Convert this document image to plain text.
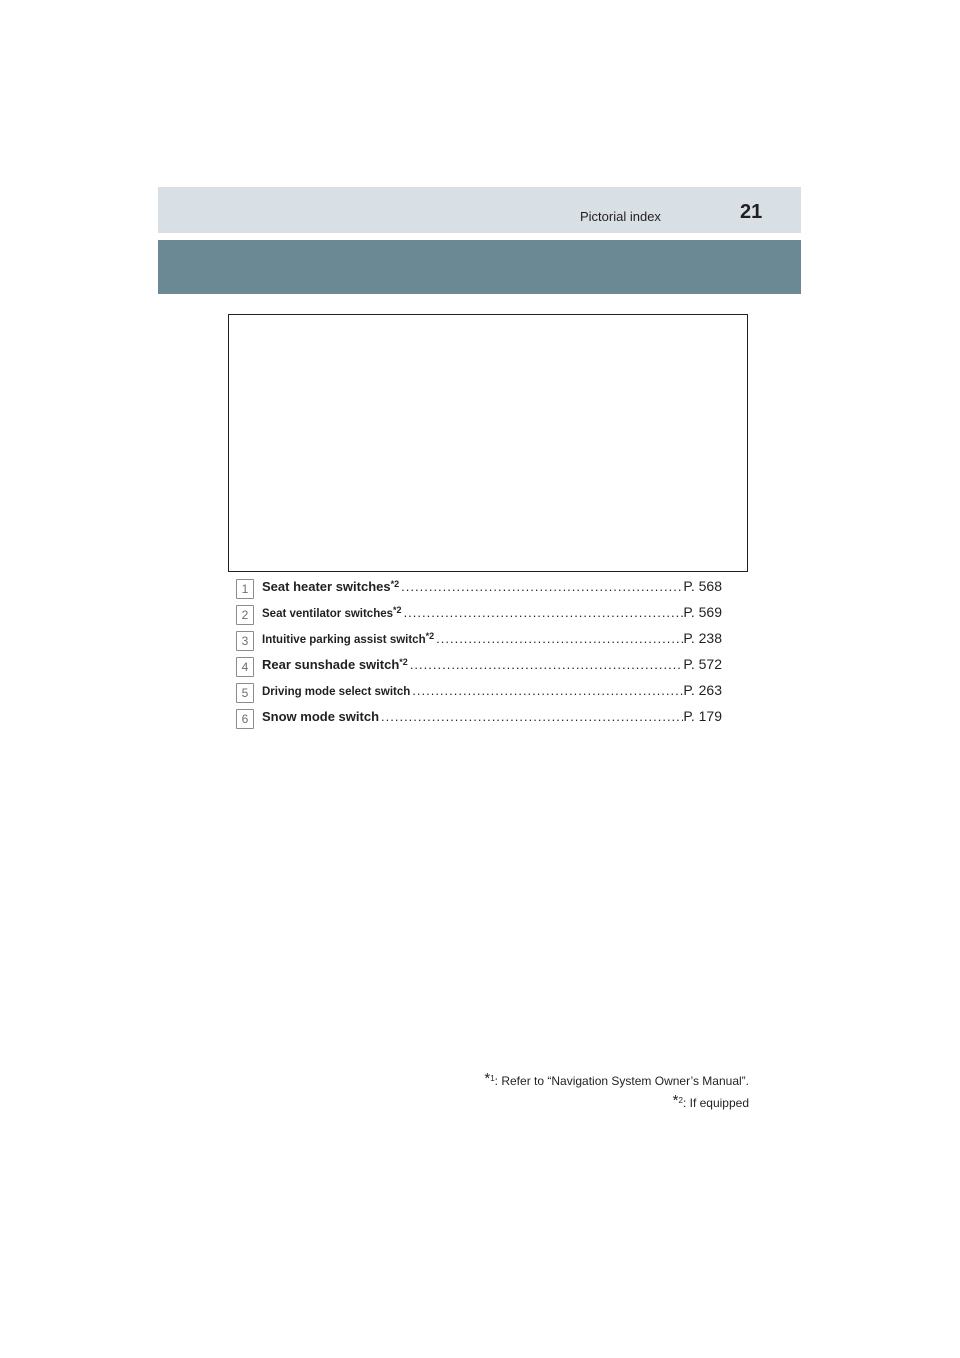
Pictorial index	21
1	Seat heater switches$^{*2}$ .....	P. 568
2	Seat ventilator switches$^{*2}$ .....	P. 569
3	Intuitive parking assist switch$^{*2}$ .....	P. 238
4	Rear sunshade switch$^{*2}$ .....	P. 572
5	Driving mode select switch .....	P. 263
6	Snow mode switch .....	P. 179
$^{*1}$: Refer to “Navigation System Owner’s Manual”.
$^{*2}$: If equipped
